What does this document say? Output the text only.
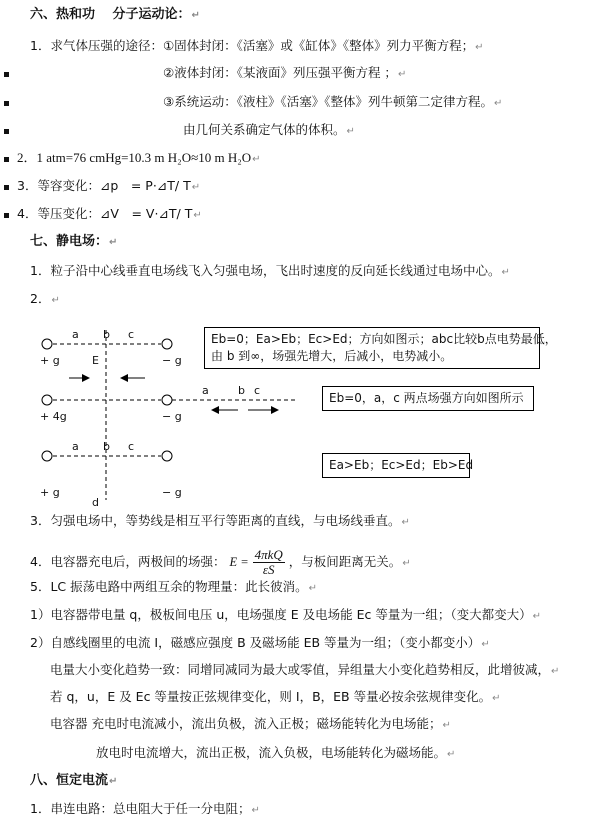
六、热和功　 分子运动论：↵
1．求气体压强的途径：①固体封闭：《活塞》或《缸体》《整体》列力平衡方程；↵
②液体封闭：《某液面》列压强平衡方程 ；↵
③系统运动：《液柱》《活塞》《整体》列牛顿第二定律方程。↵
由几何关系确定气体的体积。↵
2．1 atm=76 cmHg=10.3 m H₂O≈10 m H₂O↵
3．等容变化：⊿p　= P·⊿T/ T↵
4．等压变化：⊿V　= V·⊿T/ T↵
七、静电场：↵
1．粒子沿中心线垂直电场线飞入匀强电场，飞出时速度的反向延长线通过电场中心。↵
2．↵
a b c
+ g	E	− g
a	b c
+ 4g	− g
a b c
+ g	− g
d
Eb=0；Ea>Eb；Ec>Ed；方向如图示；abc比较b点电势最低，
由 b 到∞，场强先增大，后减小，电势减小。
Eb=0，a，c 两点场强方向如图所示
Ea>Eb；Ec>Ed；Eb>Ed
3．匀强电场中，等势线是相互平行等距离的直线，与电场线垂直。↵
4．电容器充电后，两极间的场强： $E = \frac{\text{4πkQ}}{\varepsilon S}$ ，与板间距离无关。↵
5．LC 振荡电路中两组互余的物理量：此长彼消。↵
1）电容器带电量 q，极板间电压 u，电场强度 E 及电场能 Ec 等量为一组；（变大都变大）↵
2）自感线圈里的电流 I，磁感应强度 B 及磁场能 EB 等量为一组；（变小都变小）↵
电量大小变化趋势一致：同增同减同为最大或零值，异组量大小变化趋势相反，此增彼减，↵
若 q，u，E 及 Ec 等量按正弦规律变化，则 I，B，EB 等量必按余弦规律变化。↵
电容器 充电时电流减小，流出负极，流入正极；磁场能转化为电场能；↵
放电时电流增大，流出正极，流入负极，电场能转化为磁场能。↵
八、恒定电流↵
1．串连电路：总电阻大于任一分电阻；↵
